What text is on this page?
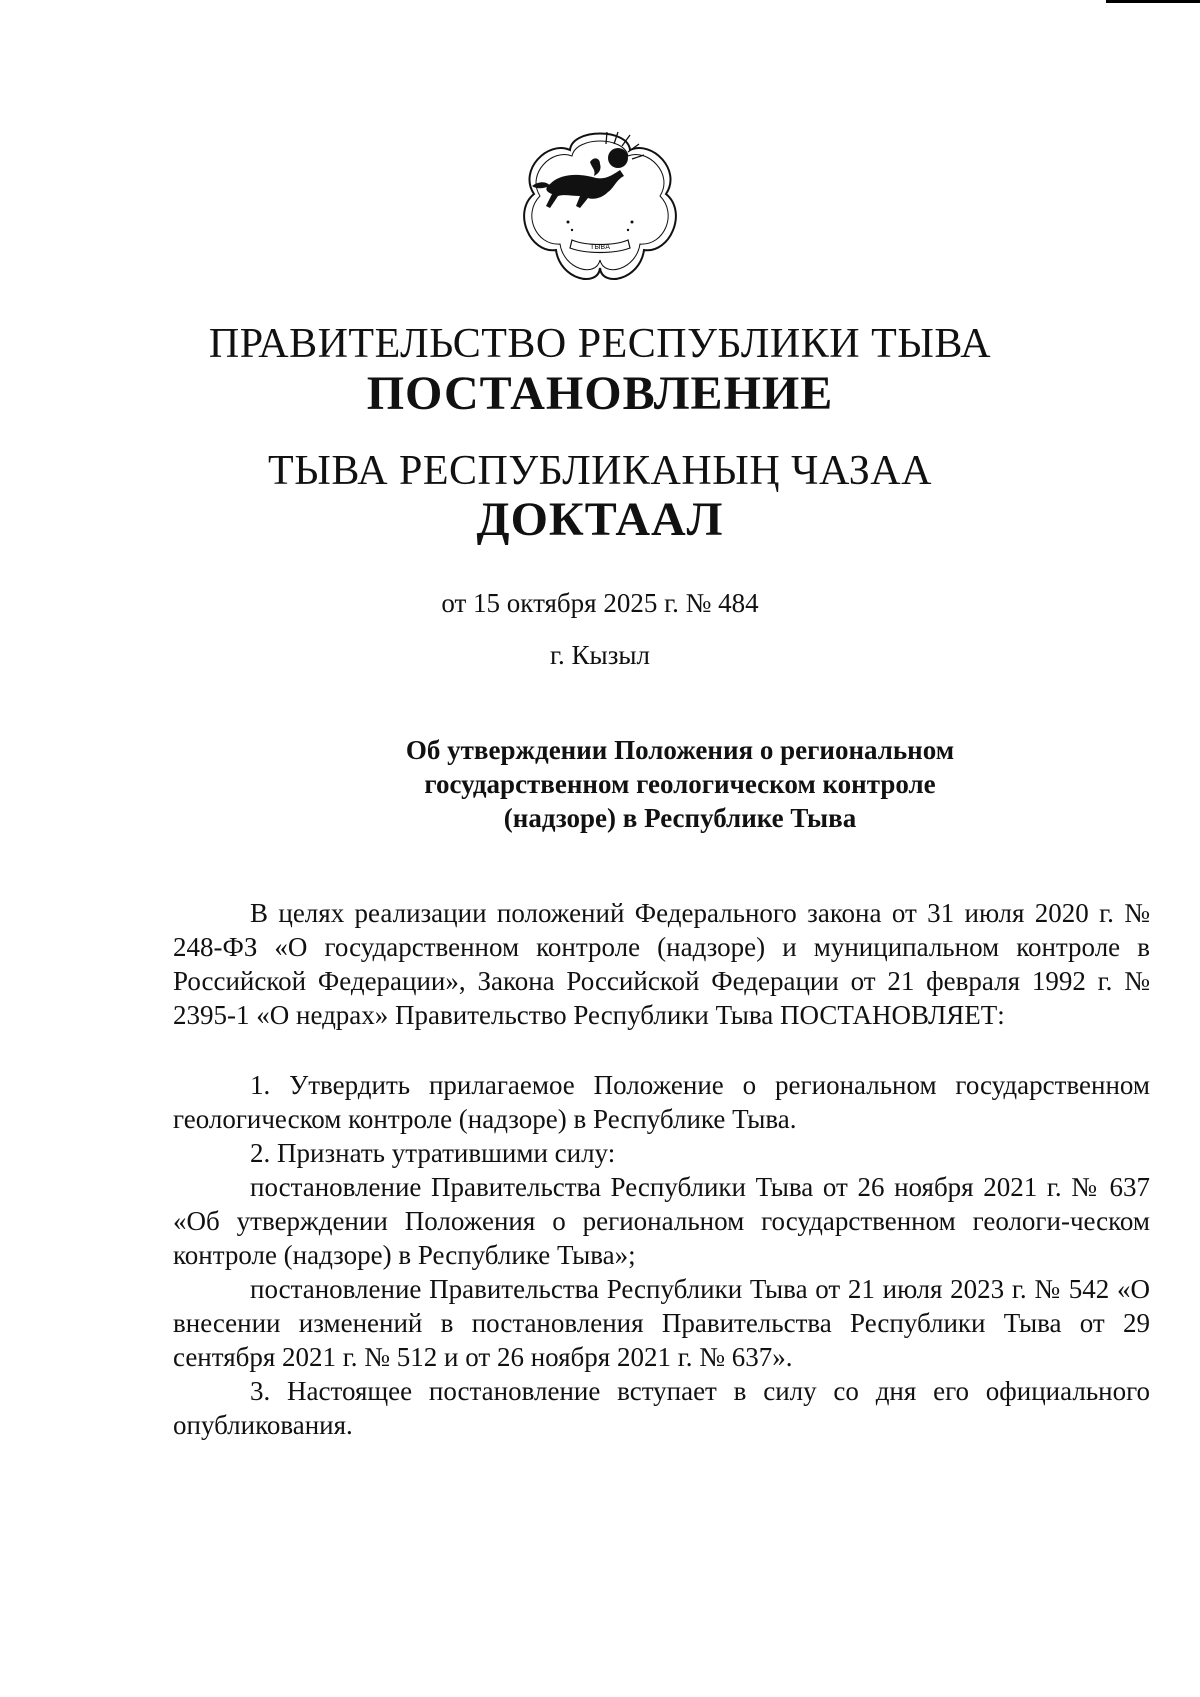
ТЫВА
ПРАВИТЕЛЬСТВО РЕСПУБЛИКИ ТЫВА
ПОСТАНОВЛЕНИЕ
ТЫВА РЕСПУБЛИКАНЫҢ ЧАЗАА
ДОКТААЛ
от 15 октября 2025 г. № 484
г. Кызыл
Об утверждении Положения о региональном
государственном геологическом контроле
(надзоре) в Республике Тыва
В целях реализации положений Федерального закона от 31 июля 2020 г. № 248-ФЗ «О государственном контроле (надзоре) и муниципальном контроле в Российской Федерации», Закона Российской Федерации от 21 февраля 1992 г. № 2395-1 «О недрах» Правительство Республики Тыва ПОСТАНОВЛЯЕТ:
1. Утвердить прилагаемое Положение о региональном государственном геологическом контроле (надзоре) в Республике Тыва.
2. Признать утратившими силу:
постановление Правительства Республики Тыва от 26 ноября 2021 г. № 637 «Об утверждении Положения о региональном государственном геологи-ческом контроле (надзоре) в Республике Тыва»;
постановление Правительства Республики Тыва от 21 июля 2023 г. № 542 «О внесении изменений в постановления Правительства Республики Тыва от 29 сентября 2021 г. № 512 и от 26 ноября 2021 г. № 637».
3. Настоящее постановление вступает в силу со дня его официального опубликования.
